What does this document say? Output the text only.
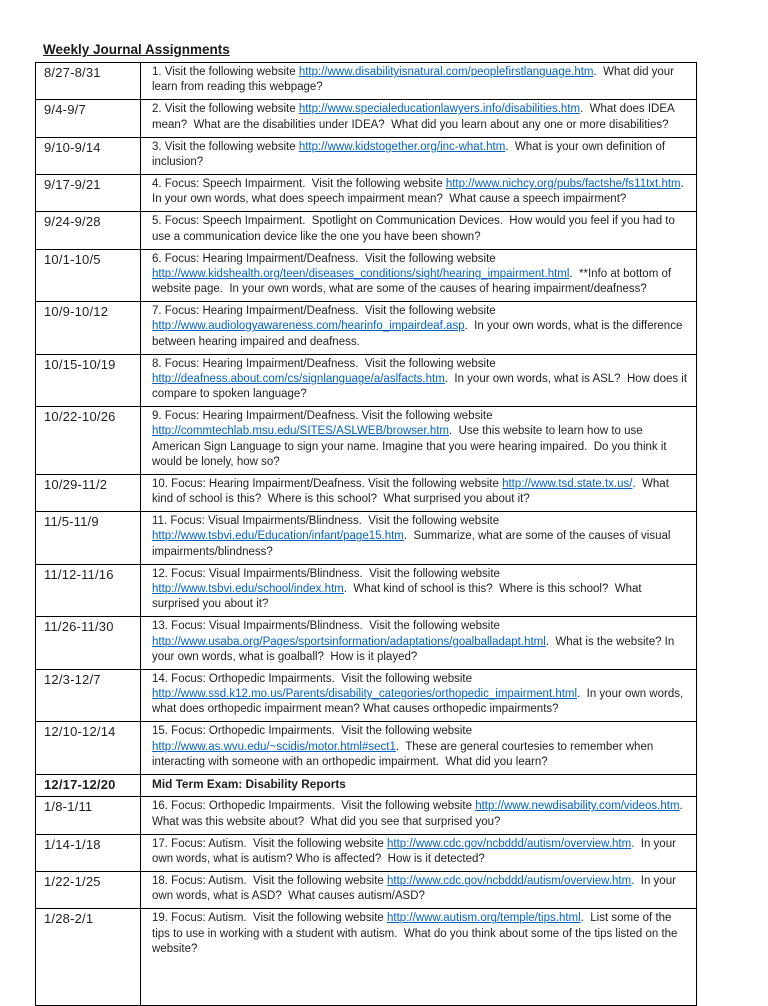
Weekly Journal Assignments
8/27-8/31	1. Visit the following website http://www.disabilityisnatural.com/peoplefirstlanguage.htm.  What did your learn from reading this webpage?
9/4-9/7	2. Visit the following website http://www.specialeducationlawyers.info/disabilities.htm.  What does IDEA mean?  What are the disabilities under IDEA?  What did you learn about any one or more disabilities?
9/10-9/14	3. Visit the following website http://www.kidstogether.org/inc-what.htm.  What is your own definition of inclusion?
9/17-9/21	4. Focus: Speech Impairment.  Visit the following website http://www.nichcy.org/pubs/factshe/fs11txt.htm.  In your own words, what does speech impairment mean?  What cause a speech impairment?
9/24-9/28	5. Focus: Speech Impairment.  Spotlight on Communication Devices.  How would you feel if you had to use a communication device like the one you have been shown?
10/1-10/5	6. Focus: Hearing Impairment/Deafness.  Visit the following website http://www.kidshealth.org/teen/diseases_conditions/sight/hearing_impairment.html.  **Info at bottom of website page.  In your own words, what are some of the causes of hearing impairment/deafness?
10/9-10/12	7. Focus: Hearing Impairment/Deafness.  Visit the following website http://www.audiologyawareness.com/hearinfo_impairdeaf.asp.  In your own words, what is the difference between hearing impaired and deafness.
10/15-10/19	8. Focus: Hearing Impairment/Deafness.  Visit the following website http://deafness.about.com/cs/signlanguage/a/aslfacts.htm.  In your own words, what is ASL?  How does it compare to spoken language?
10/22-10/26	9. Focus: Hearing Impairment/Deafness. Visit the following website http://commtechlab.msu.edu/SITES/ASLWEB/browser.htm.  Use this website to learn how to use American Sign Language to sign your name. Imagine that you were hearing impaired.  Do you think it would be lonely, how so?
10/29-11/2	10. Focus: Hearing Impairment/Deafness. Visit the following website http://www.tsd.state.tx.us/.  What kind of school is this?  Where is this school?  What surprised you about it?
11/5-11/9	11. Focus: Visual Impairments/Blindness.  Visit the following website http://www.tsbvi.edu/Education/infant/page15.htm.  Summarize, what are some of the causes of visual impairments/blindness?
11/12-11/16	12. Focus: Visual Impairments/Blindness.  Visit the following website http://www.tsbvi.edu/school/index.htm.  What kind of school is this?  Where is this school?  What surprised you about it?
11/26-11/30	13. Focus: Visual Impairments/Blindness.  Visit the following website http://www.usaba.org/Pages/sportsinformation/adaptations/goalballadapt.html.  What is the website? In your own words, what is goalball?  How is it played?
12/3-12/7	14. Focus: Orthopedic Impairments.  Visit the following website http://www.ssd.k12.mo.us/Parents/disability_categories/orthopedic_impairment.html.  In your own words, what does orthopedic impairment mean? What causes orthopedic impairments?
12/10-12/14	15. Focus: Orthopedic Impairments.  Visit the following website http://www.as.wvu.edu/~scidis/motor.html#sect1.  These are general courtesies to remember when interacting with someone with an orthopedic impairment.  What did you learn?
12/17-12/20	Mid Term Exam: Disability Reports
1/8-1/11	16. Focus: Orthopedic Impairments.  Visit the following website http://www.newdisability.com/videos.htm.  What was this website about?  What did you see that surprised you?
1/14-1/18	17. Focus: Autism.  Visit the following website http://www.cdc.gov/ncbddd/autism/overview.htm.  In your own words, what is autism? Who is affected?  How is it detected?
1/22-1/25	18. Focus: Autism.  Visit the following website http://www.cdc.gov/ncbddd/autism/overview.htm.  In your own words, what is ASD?  What causes autism/ASD?
1/28-2/1	19. Focus: Autism.  Visit the following website http://www.autism.org/temple/tips.html.  List some of the tips to use in working with a student with autism.  What do you think about some of the tips listed on the website?
